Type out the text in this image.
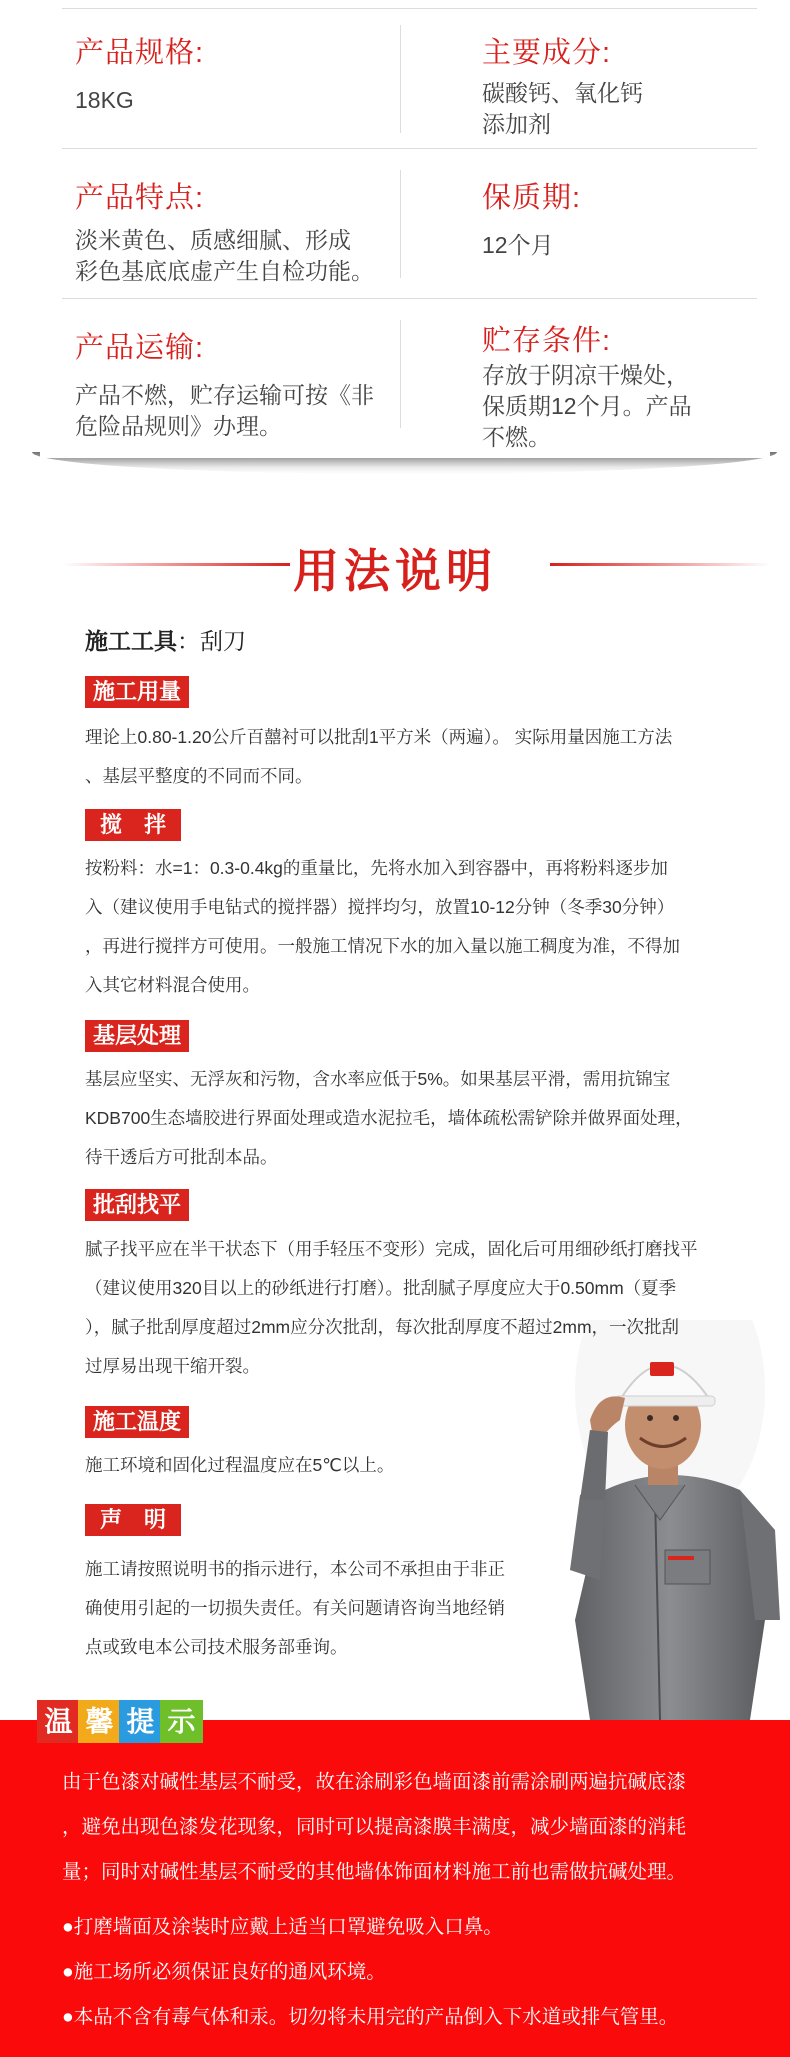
产品规格:
18KG
主要成分:
碳酸钙、氧化钙
添加剂
产品特点:
淡米黄色、质感细腻、形成
彩色基底底虚产生自检功能。
保质期:
12个月
产品运输:
产品不燃，贮存运输可按《非
危险品规则》办理。
贮存条件:
存放于阴凉干燥处，
保质期12个月。产品
不燃。
用法说明
施工工具：刮刀
施工用量
理论上0.80-1.20公斤百囍衬可以批刮1平方米（两遍）。 实际用量因施工方法
、基层平整度的不同而不同。
搅　拌
按粉料：水=1：0.3-0.4kg的重量比，先将水加入到容器中，再将粉料逐步加
入（建议使用手电钻式的搅拌器）搅拌均匀，放置10-12分钟（冬季30分钟）
，再进行搅拌方可使用。一般施工情况下水的加入量以施工稠度为准，不得加
入其它材料混合使用。
基层处理
基层应坚实、无浮灰和污物，含水率应低于5%。如果基层平滑，需用抗锦宝
KDB700生态墙胶进行界面处理或造水泥拉毛，墙体疏松需铲除并做界面处理，
待干透后方可批刮本品。
批刮找平
腻子找平应在半干状态下（用手轻压不变形）完成，固化后可用细砂纸打磨找平
（建议使用320目以上的砂纸进行打磨）。批刮腻子厚度应大于0.50mm（夏季
），腻子批刮厚度超过2mm应分次批刮，每次批刮厚度不超过2mm，一次批刮
过厚易出现干缩开裂。
施工温度
施工环境和固化过程温度应在5℃以上。
声　明
施工请按照说明书的指示进行，本公司不承担由于非正
确使用引起的一切损失责任。有关问题请咨询当地经销
点或致电本公司技术服务部垂询。
温 馨 提 示
由于色漆对碱性基层不耐受，故在涂刷彩色墙面漆前需涂刷两遍抗碱底漆
，避免出现色漆发花现象，同时可以提高漆膜丰满度，减少墙面漆的消耗
量；同时对碱性基层不耐受的其他墙体饰面材料施工前也需做抗碱处理。
●打磨墙面及涂装时应戴上适当口罩避免吸入口鼻。
●施工场所必须保证良好的通风环境。
●本品不含有毒气体和汞。切勿将未用完的产品倒入下水道或排气管里。
